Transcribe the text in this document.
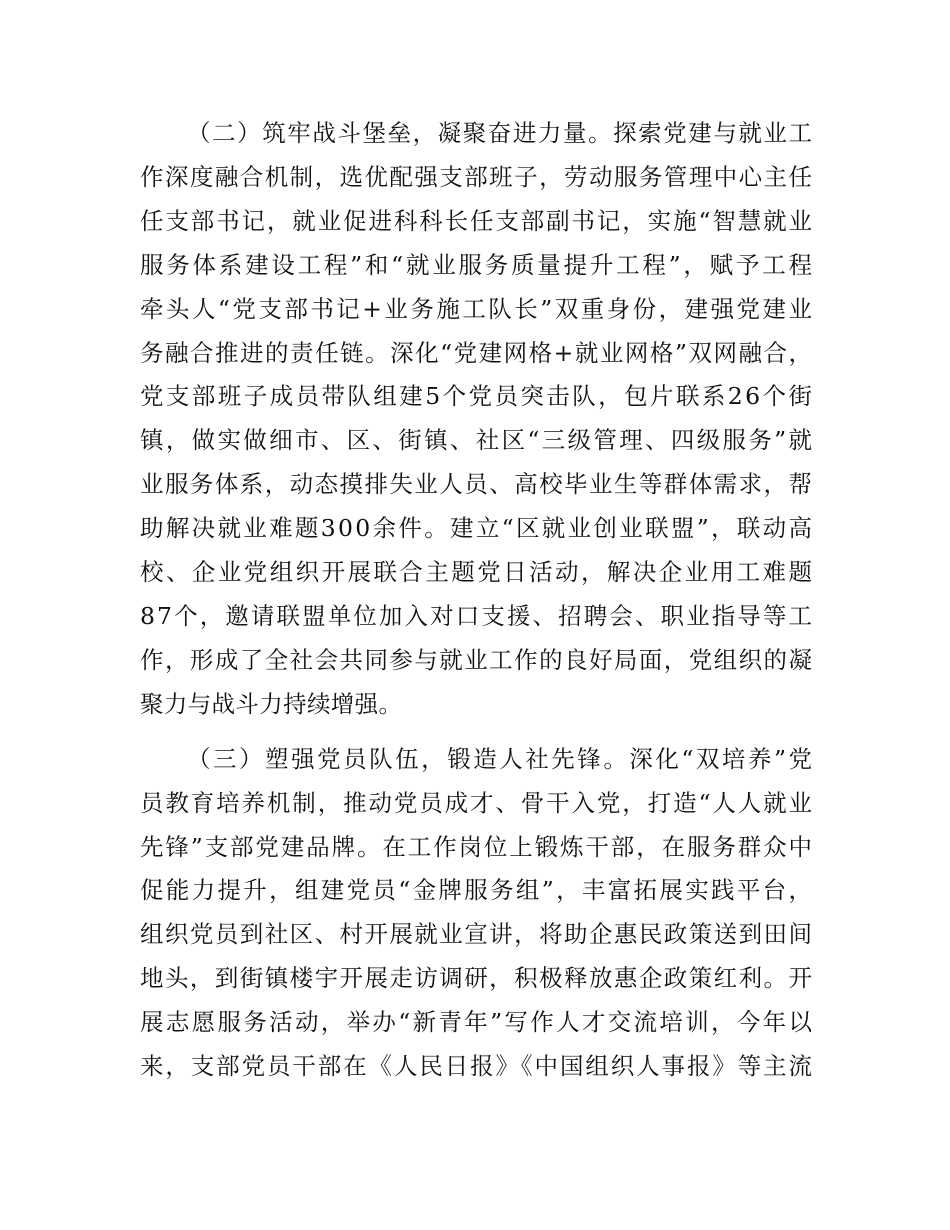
（二）筑牢战斗堡垒，凝聚奋进力量。探索党建与就业工
作深度融合机制，选优配强支部班子，劳动服务管理中心主任
任支部书记，就业促进科科长任支部副书记，实施“智慧就业
服务体系建设工程”和“就业服务质量提升工程”，赋予工程
牵头人“党支部书记+业务施工队长”双重身份，建强党建业
务融合推进的责任链。深化“党建网格+就业网格”双网融合，
党支部班子成员带队组建5个党员突击队，包片联系26个街
镇，做实做细市、区、街镇、社区“三级管理、四级服务”就
业服务体系，动态摸排失业人员、高校毕业生等群体需求，帮
助解决就业难题300余件。建立“区就业创业联盟”，联动高
校、企业党组织开展联合主题党日活动，解决企业用工难题
87个，邀请联盟单位加入对口支援、招聘会、职业指导等工
作，形成了全社会共同参与就业工作的良好局面，党组织的凝
聚力与战斗力持续增强。
（三）塑强党员队伍，锻造人社先锋。深化“双培养”党
员教育培养机制，推动党员成才、骨干入党，打造“人人就业
先锋”支部党建品牌。在工作岗位上锻炼干部，在服务群众中
促能力提升，组建党员“金牌服务组”，丰富拓展实践平台，
组织党员到社区、村开展就业宣讲，将助企惠民政策送到田间
地头，到街镇楼宇开展走访调研，积极释放惠企政策红利。开
展志愿服务活动，举办“新青年”写作人才交流培训，今年以
来，支部党员干部在《人民日报》《中国组织人事报》等主流
